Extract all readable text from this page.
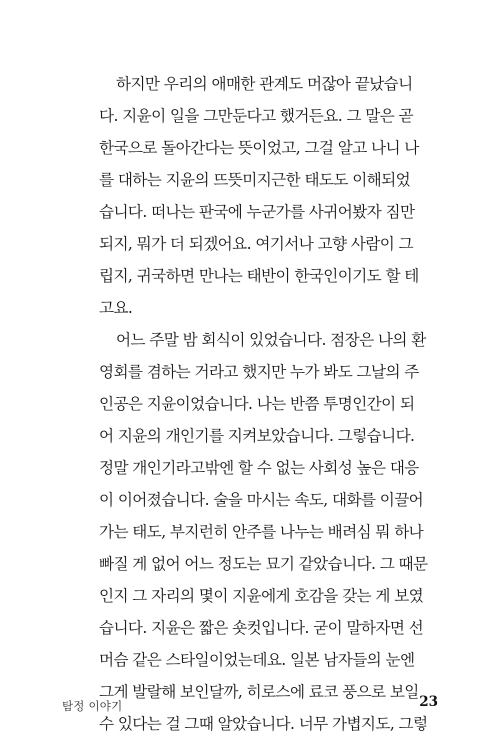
하지만 우리의 애매한 관계도 머잖아 끝났습니
다. 지윤이 일을 그만둔다고 했거든요. 그 말은 곧
한국으로 돌아간다는 뜻이었고, 그걸 알고 나니 나
를 대하는 지윤의 뜨뜻미지근한 태도도 이해되었
습니다. 떠나는 판국에 누군가를 사귀어봤자 짐만
되지, 뭐가 더 되겠어요. 여기서나 고향 사람이 그
립지, 귀국하면 만나는 태반이 한국인이기도 할 테
고요.
어느 주말 밤 회식이 있었습니다. 점장은 나의 환
영회를 겸하는 거라고 했지만 누가 봐도 그날의 주
인공은 지윤이었습니다. 나는 반쯤 투명인간이 되
어 지윤의 개인기를 지켜보았습니다. 그렇습니다.
정말 개인기라고밖엔 할 수 없는 사회성 높은 대응
이 이어졌습니다. 술을 마시는 속도, 대화를 이끌어
가는 태도, 부지런히 안주를 나누는 배려심 뭐 하나
빠질 게 없어 어느 정도는 묘기 같았습니다. 그 때문
인지 그 자리의 몇이 지윤에게 호감을 갖는 게 보였
습니다. 지윤은 짧은 숏컷입니다. 굳이 말하자면 선
머슴 같은 스타일이었는데요. 일본 남자들의 눈엔
그게 발랄해 보인달까, 히로스에 료코 풍으로 보일
수 있다는 걸 그때 알았습니다. 너무 가볍지도, 그렇
탐정 이야기	23
